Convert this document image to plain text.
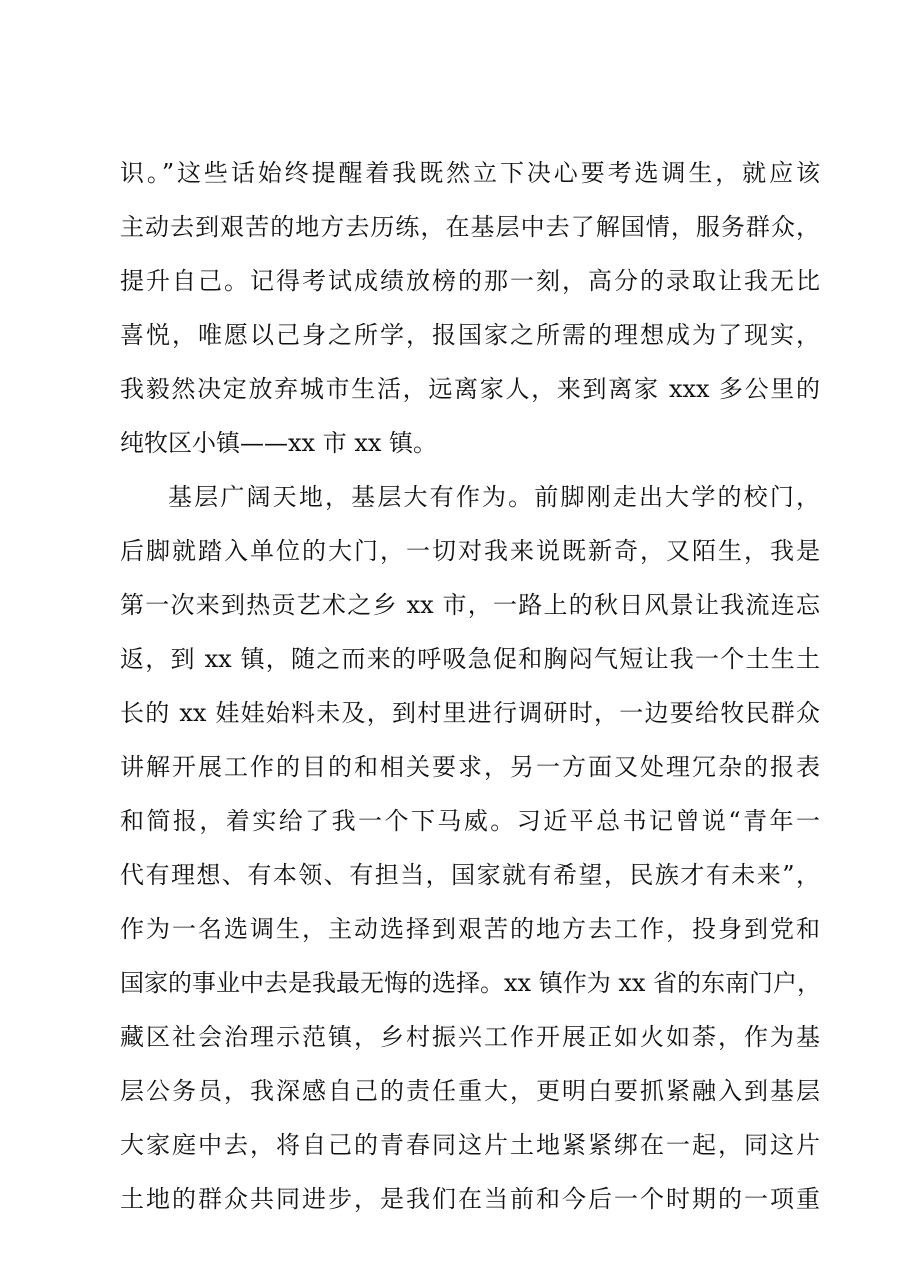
识。”这些话始终提醒着我既然立下决心要考选调生，就应该
主动去到艰苦的地方去历练，在基层中去了解国情，服务群众，
提升自己。记得考试成绩放榜的那一刻，高分的录取让我无比
喜悦，唯愿以己身之所学，报国家之所需的理想成为了现实，
我毅然决定放弃城市生活，远离家人，来到离家 xxx 多公里的
纯牧区小镇——xx 市 xx 镇。
基层广阔天地，基层大有作为。前脚刚走出大学的校门，
后脚就踏入单位的大门，一切对我来说既新奇，又陌生，我是
第一次来到热贡艺术之乡 xx 市，一路上的秋日风景让我流连忘
返，到 xx 镇，随之而来的呼吸急促和胸闷气短让我一个土生土
长的 xx 娃娃始料未及，到村里进行调研时，一边要给牧民群众
讲解开展工作的目的和相关要求，另一方面又处理冗杂的报表
和简报，着实给了我一个下马威。习近平总书记曾说“青年一
代有理想、有本领、有担当，国家就有希望，民族才有未来”，
作为一名选调生，主动选择到艰苦的地方去工作，投身到党和
国家的事业中去是我最无悔的选择。xx 镇作为 xx 省的东南门户，
藏区社会治理示范镇，乡村振兴工作开展正如火如荼，作为基
层公务员，我深感自己的责任重大，更明白要抓紧融入到基层
大家庭中去，将自己的青春同这片土地紧紧绑在一起，同这片
土地的群众共同进步，是我们在当前和今后一个时期的一项重
